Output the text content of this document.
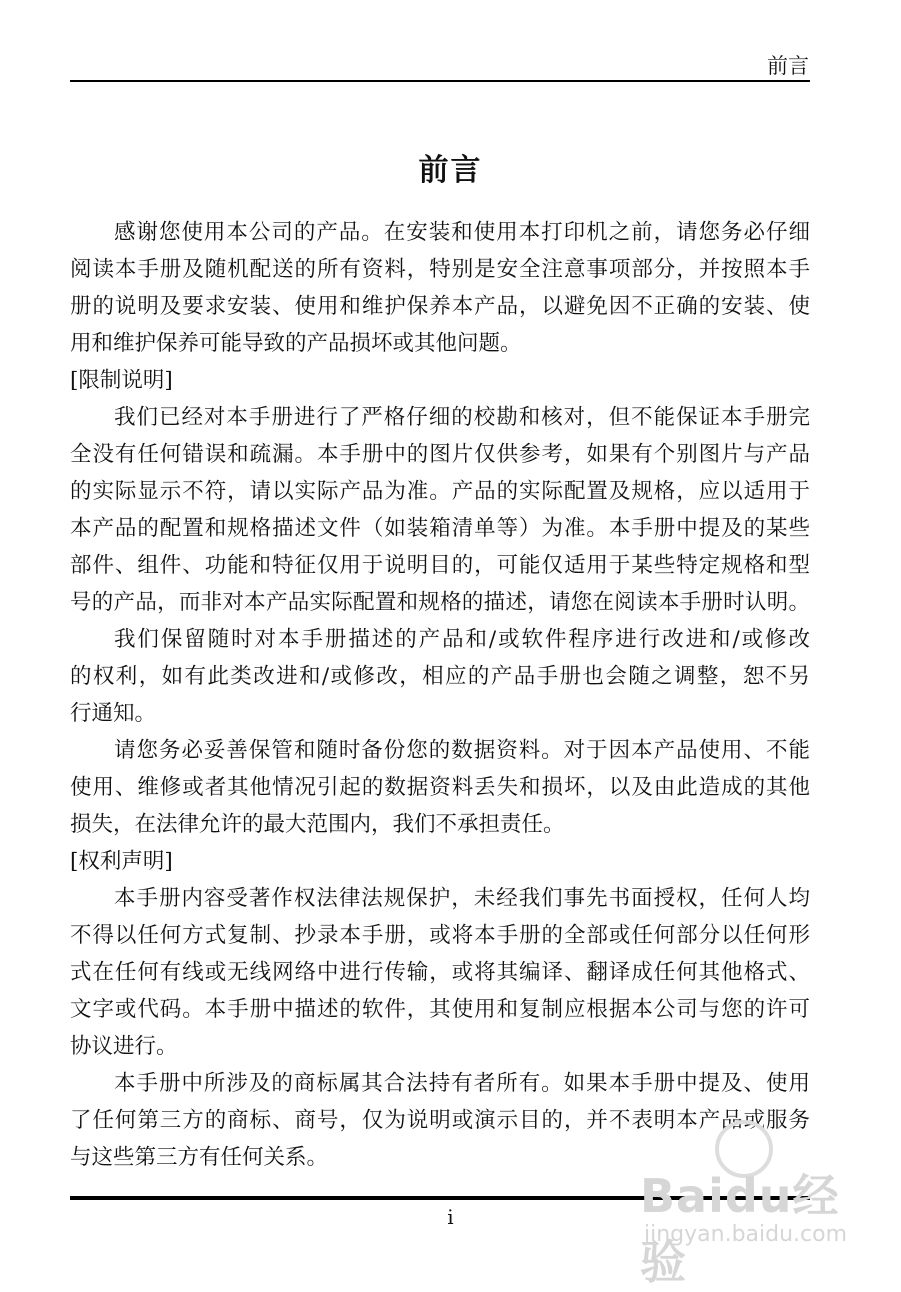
前言
前言
感谢您使用本公司的产品。在安装和使用本打印机之前，请您务必仔细
阅读本手册及随机配送的所有资料，特别是安全注意事项部分，并按照本手
册的说明及要求安装、使用和维护保养本产品，以避免因不正确的安装、使
用和维护保养可能导致的产品损坏或其他问题。
[限制说明]
我们已经对本手册进行了严格仔细的校勘和核对，但不能保证本手册完
全没有任何错误和疏漏。本手册中的图片仅供参考，如果有个别图片与产品
的实际显示不符，请以实际产品为准。产品的实际配置及规格，应以适用于
本产品的配置和规格描述文件（如装箱清单等）为准。本手册中提及的某些
部件、组件、功能和特征仅用于说明目的，可能仅适用于某些特定规格和型
号的产品，而非对本产品实际配置和规格的描述，请您在阅读本手册时认明。
我们保留随时对本手册描述的产品和/或软件程序进行改进和/或修改
的权利，如有此类改进和/或修改，相应的产品手册也会随之调整，恕不另
行通知。
请您务必妥善保管和随时备份您的数据资料。对于因本产品使用、不能
使用、维修或者其他情况引起的数据资料丢失和损坏，以及由此造成的其他
损失，在法律允许的最大范围内，我们不承担责任。
[权利声明]
本手册内容受著作权法律法规保护，未经我们事先书面授权，任何人均
不得以任何方式复制、抄录本手册，或将本手册的全部或任何部分以任何形
式在任何有线或无线网络中进行传输，或将其编译、翻译成任何其他格式、
文字或代码。本手册中描述的软件，其使用和复制应根据本公司与您的许可
协议进行。
本手册中所涉及的商标属其合法持有者所有。如果本手册中提及、使用
了任何第三方的商标、商号，仅为说明或演示目的，并不表明本产品或服务
与这些第三方有任何关系。
i	Baidu经验
jingyan.baidu.com
